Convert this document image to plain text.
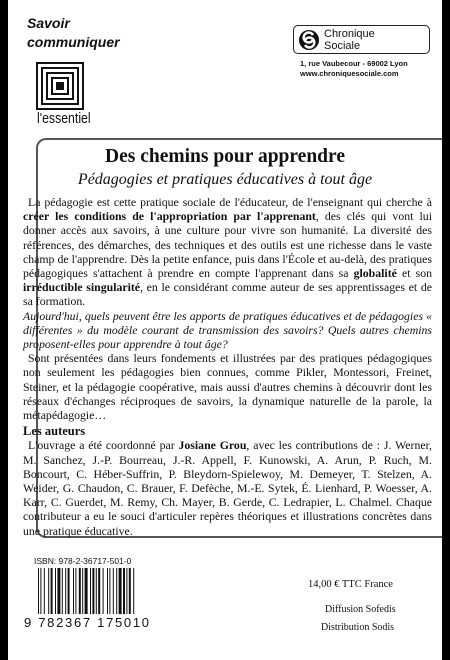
Savoir
communiquer
l'essentiel
Chronique
Sociale
1, rue Vaubecour - 69002 Lyon
www.chroniquesociale.com
Des chemins pour apprendre
Pédagogies et pratiques éducatives à tout âge

La pédagogie est cette pratique sociale de l'éducateur, de l'enseignant qui cherche à créer les conditions de l'appropriation par l'apprenant, des clés qui vont lui donner accès aux savoirs, à une culture pour vivre son humanité. La diversité des références, des démarches, des techniques et des outils est une richesse dans le vaste champ de l'apprendre. Dès la petite enfance, puis dans l'École et au-delà, des pratiques pédagogiques s'attachent à prendre en compte l'apprenant dans sa globalité et son irréductible singularité, en le considérant comme auteur de ses apprentissages et de sa formation.

Aujourd'hui, quels peuvent être les apports de pratiques éducatives et de pédagogies « différentes » du modèle courant de transmission des savoirs? Quels autres chemins proposent-elles pour apprendre à tout âge?

Sont présentées dans leurs fondements et illustrées par des pratiques pédagogiques non seulement les pédagogies bien connues, comme Pikler, Montessori, Freinet, Steiner, et la pédagogie coopérative, mais aussi d'autres chemins à découvrir dont les réseaux d'échanges réciproques de savoirs, la dynamique naturelle de la parole, la métapédagogie…

Les auteurs

L'ouvrage a été coordonné par Josiane Grou, avec les contributions de : J. Werner, M. Sanchez, J.-P. Bourreau, J.-R. Appell, F. Kunowski, A. Arun, P. Ruch, M. Boncourt, C. Héber-Suffrin, P. Bleydorn-Spielewoy, M. Demeyer, T. Stelzen, A. Weider, G. Chaudon, C. Brauer, F. Defèche, M.-E. Sytek, É. Lienhard, P. Woesser, A. Karr, C. Guerdet, M. Remy, Ch. Mayer, B. Gerde, C. Ledrapier, L. Chalmel. Chaque contributeur a eu le souci d'articuler repères théoriques et illustrations concrètes dans une pratique éducative.

ISBN: 978-2-36717-501-0
9 782367 175010
14,00 € TTC France
Diffusion Sofedis
Distribution Sodis
